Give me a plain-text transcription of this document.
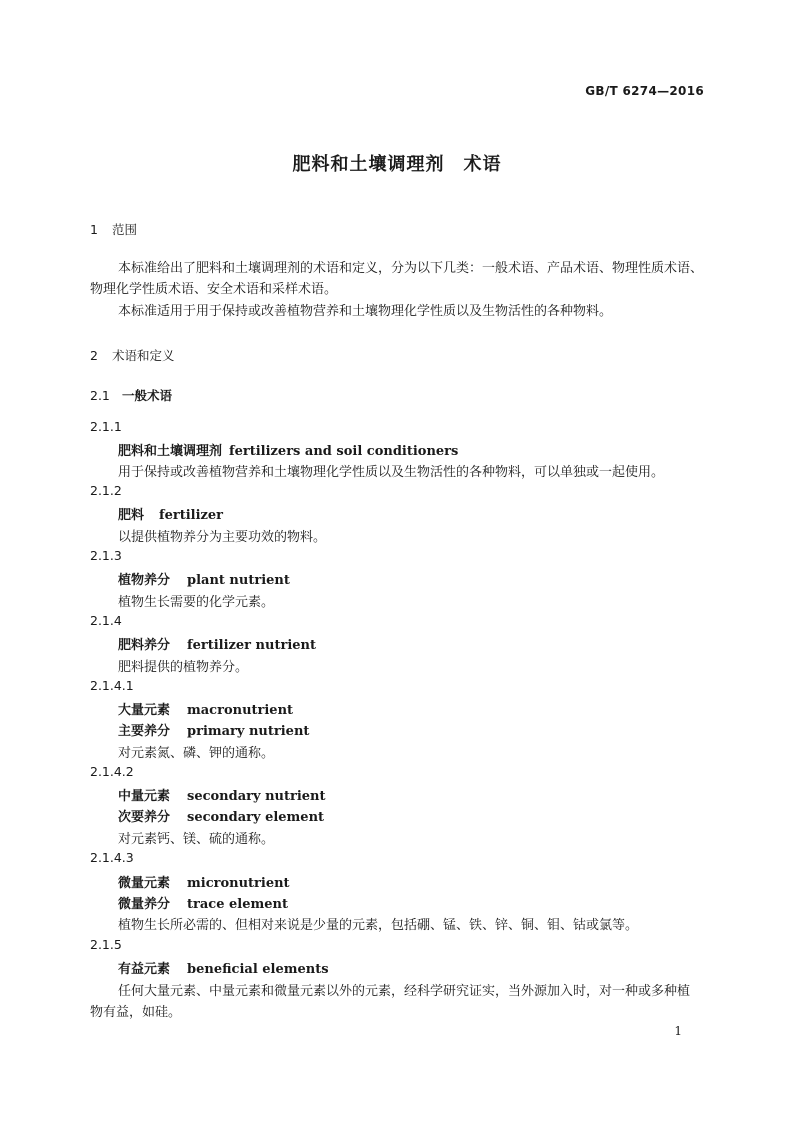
GB/T 6274—2016
肥料和土壤调理剂　术语
1 范围
本标准给出了肥料和土壤调理剂的术语和定义，分为以下几类：一般术语、产品术语、物理性质术语、物理化学性质术语、安全术语和采样术语。
本标准适用于用于保持或改善植物营养和土壤物理化学性质以及生物活性的各种物料。
2 术语和定义
2.1 一般术语
2.1.1
肥料和土壤调理剂 fertilizers and soil conditioners
用于保持或改善植物营养和土壤物理化学性质以及生物活性的各种物料，可以单独或一起使用。
2.1.2
肥料 fertilizer
以提供植物养分为主要功效的物料。
2.1.3
植物养分 plant nutrient
植物生长需要的化学元素。
2.1.4
肥料养分 fertilizer nutrient
肥料提供的植物养分。
2.1.4.1
大量元素 macronutrient
主要养分 primary nutrient
对元素氮、磷、钾的通称。
2.1.4.2
中量元素 secondary nutrient
次要养分 secondary element
对元素钙、镁、硫的通称。
2.1.4.3
微量元素 micronutrient
微量养分 trace element
植物生长所必需的、但相对来说是少量的元素，包括硼、锰、铁、锌、铜、钼、钴或氯等。
2.1.5
有益元素 beneficial elements
任何大量元素、中量元素和微量元素以外的元素，经科学研究证实，当外源加入时，对一种或多种植
物有益，如硅。
1
